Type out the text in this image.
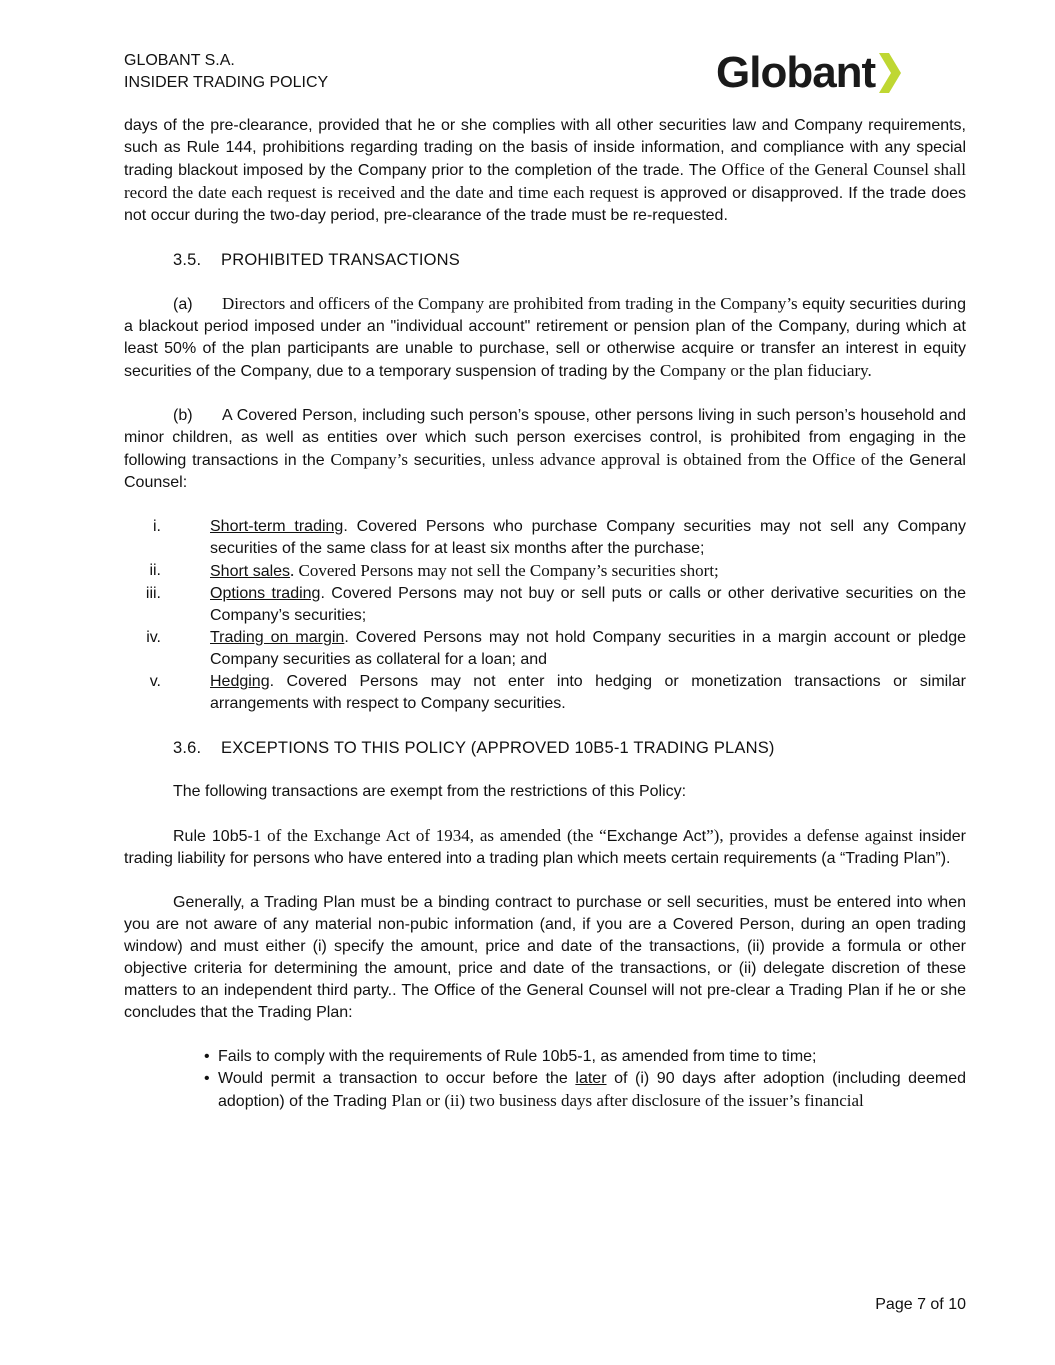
GLOBANT S.A.
INSIDER TRADING POLICY	Globant

days of the pre-clearance, provided that he or she complies with all other securities law and Company requirements, such as Rule 144, prohibitions regarding trading on the basis of inside information, and compliance with any special trading blackout imposed by the Company prior to the completion of the trade. The Office of the General Counsel shall record the date each request is received and the date and time each request is approved or disapproved. If the trade does not occur during the two-day period, pre-clearance of the trade must be re-requested.

3.5. PROHIBITED TRANSACTIONS

(a) Directors and officers of the Company are prohibited from trading in the Company’s equity securities during a blackout period imposed under an "individual account" retirement or pension plan of the Company, during which at least 50% of the plan participants are unable to purchase, sell or otherwise acquire or transfer an interest in equity securities of the Company, due to a temporary suspension of trading by the Company or the plan fiduciary.

(b) A Covered Person, including such person’s spouse, other persons living in such person’s household and minor children, as well as entities over which such person exercises control, is prohibited from engaging in the following transactions in the Company’s securities, unless advance approval is obtained from the Office of the General Counsel:

i.	Short-term trading. Covered Persons who purchase Company securities may not sell any Company securities of the same class for at least six months after the purchase;
ii.	Short sales. Covered Persons may not sell the Company’s securities short;
iii.	Options trading. Covered Persons may not buy or sell puts or calls or other derivative securities on the Company’s securities;
iv.	Trading on margin. Covered Persons may not hold Company securities in a margin account or pledge Company securities as collateral for a loan; and
v.	Hedging. Covered Persons may not enter into hedging or monetization transactions or similar arrangements with respect to Company securities.

3.6. EXCEPTIONS TO THIS POLICY (APPROVED 10B5-1 TRADING PLANS)

The following transactions are exempt from the restrictions of this Policy:

Rule 10b5-1 of the Exchange Act of 1934, as amended (the “Exchange Act”), provides a defense against insider trading liability for persons who have entered into a trading plan which meets certain requirements (a “Trading Plan”).

Generally, a Trading Plan must be a binding contract to purchase or sell securities, must be entered into when you are not aware of any material non-pubic information (and, if you are a Covered Person, during an open trading window) and must either (i) specify the amount, price and date of the transactions, (ii) provide a formula or other objective criteria for determining the amount, price and date of the transactions, or (ii) delegate discretion of these matters to an independent third party.. The Office of the General Counsel will not pre-clear a Trading Plan if he or she concludes that the Trading Plan:

• Fails to comply with the requirements of Rule 10b5-1, as amended from time to time;
• Would permit a transaction to occur before the later of (i) 90 days after adoption (including deemed adoption) of the Trading Plan or (ii) two business days after disclosure of the issuer’s financial
Page 7 of 10
